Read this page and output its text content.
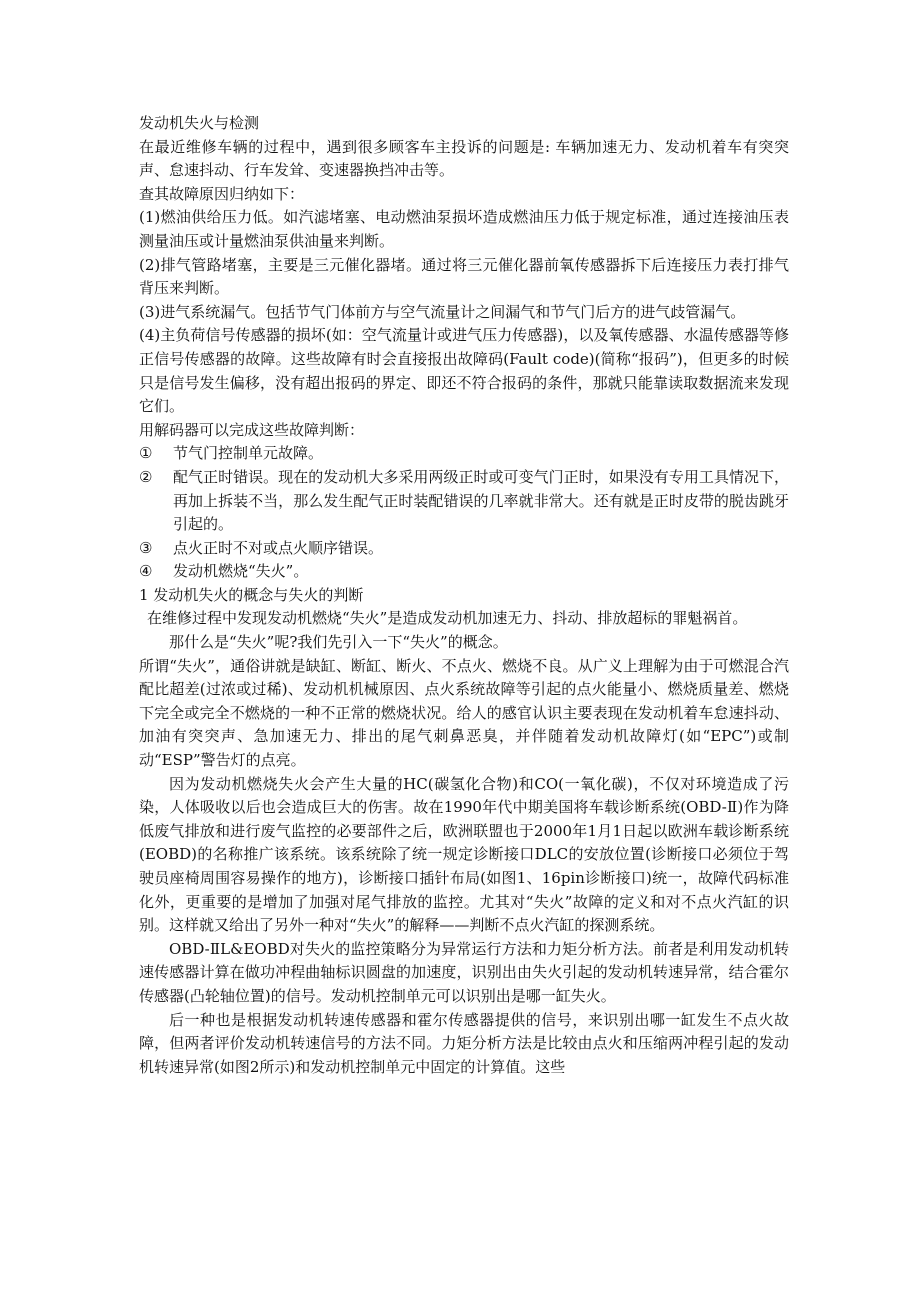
发动机失火与检测

在最近维修车辆的过程中，遇到很多顾客车主投诉的问题是: 车辆加速无力、发动机着车有突突声、怠速抖动、行车发耸、变速器换挡冲击等。

查其故障原因归纳如下：

(1)燃油供给压力低。如汽滤堵塞、电动燃油泵损坏造成燃油压力低于规定标准，通过连接油压表测量油压或计量燃油泵供油量来判断。

(2)排气管路堵塞，主要是三元催化器堵。通过将三元催化器前氧传感器拆下后连接压力表打排气背压来判断。

(3)进气系统漏气。包括节气门体前方与空气流量计之间漏气和节气门后方的进气歧管漏气。

(4)主负荷信号传感器的损坏(如：空气流量计或进气压力传感器)，以及氧传感器、水温传感器等修正信号传感器的故障。这些故障有时会直接报出故障码(Fault code)(简称“报码”)，但更多的时候只是信号发生偏移，没有超出报码的界定、即还不符合报码的条件，那就只能靠读取数据流来发现它们。

用解码器可以完成这些故障判断：

①	节气门控制单元故障。
②	配气正时错误。现在的发动机大多采用两级正时或可变气门正时，如果没有专用工具情况下，再加上拆装不当，那么发生配气正时装配错误的几率就非常大。还有就是正时皮带的脱齿跳牙引起的。
③	点火正时不对或点火顺序错误。
④	发动机燃烧“失火”。

1 发动机失火的概念与失火的判断

在维修过程中发现发动机燃烧“失火”是造成发动机加速无力、抖动、排放超标的罪魁祸首。

那什么是“失火”呢?我们先引入一下“失火”的概念。

所谓“失火”，通俗讲就是缺缸、断缸、断火、不点火、燃烧不良。从广义上理解为由于可燃混合汽配比超差(过浓或过稀)、发动机机械原因、点火系统故障等引起的点火能量小、燃烧质量差、燃烧下完全或完全不燃烧的一种不正常的燃烧状况。给人的感官认识主要表现在发动机着车怠速抖动、加油有突突声、急加速无力、排出的尾气刺鼻恶臭，并伴随着发动机故障灯(如“EPC”)或制动“ESP”警告灯的点亮。

因为发动机燃烧失火会产生大量的HC(碳氢化合物)和CO(一氧化碳)，不仅对环境造成了污染，人体吸收以后也会造成巨大的伤害。故在1990年代中期美国将车载诊断系统(OBD-Ⅱ)作为降低废气排放和进行废气监控的必要部件之后，欧洲联盟也于2000年1月1日起以欧洲车载诊断系统(EOBD)的名称推广该系统。该系统除了统一规定诊断接口DLC的安放位置(诊断接口必须位于驾驶员座椅周围容易操作的地方)，诊断接口插针布局(如图1、16pin诊断接口)统一，故障代码标准化外，更重要的是增加了加强对尾气排放的监控。尤其对“失火”故障的定义和对不点火汽缸的识别。这样就又给出了另外一种对“失火”的解释——判断不点火汽缸的探测系统。

OBD-ⅡL&EOBD对失火的监控策略分为异常运行方法和力矩分析方法。前者是利用发动机转速传感器计算在做功冲程曲轴标识圆盘的加速度，识别出由失火引起的发动机转速异常，结合霍尔传感器(凸轮轴位置)的信号。发动机控制单元可以识别出是哪一缸失火。

后一种也是根据发动机转速传感器和霍尔传感器提供的信号，来识别出哪一缸发生不点火故障，但两者评价发动机转速信号的方法不同。力矩分析方法是比较由点火和压缩两冲程引起的发动机转速异常(如图2所示)和发动机控制单元中固定的计算值。这些
